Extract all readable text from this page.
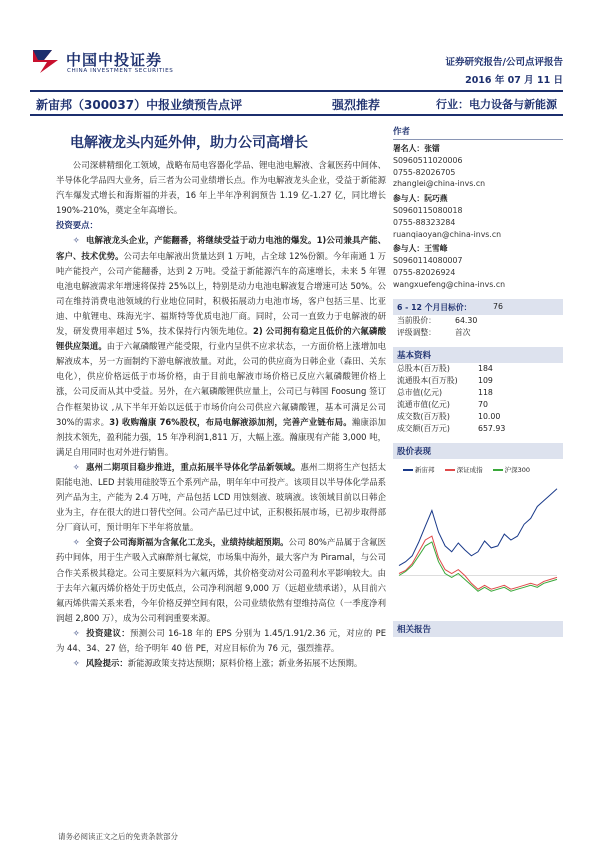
中国中投证券
CHINA INVESTMENT SECURITIES
证券研究报告/公司点评报告
2016 年 07 月 11 日
新宙邦（300037）中报业绩预告点评	强烈推荐	行业：电力设备与新能源
电解液龙头内延外伸，助力公司高增长

公司深耕精细化工领域，战略布局电容器化学品、锂电池电解液、含氟医药中间体、半导体化学品四大业务，后三者为公司业绩增长点。作为电解液龙头企业，受益于新能源汽车爆发式增长和海斯福的并表，16 年上半年净利润预告 1.19 亿-1.27 亿，同比增长 190%-210%，奠定全年高增长。

投资要点：

✧ 电解液龙头企业，产能翻番，将继续受益于动力电池的爆发。1)公司兼具产能、客户、技术优势。公司去年电解液出货量达到 1 万吨，占全球 12%份额。今年南通 1 万吨产能投产，公司产能翻番，达到 2 万吨。受益于新能源汽车的高速增长，未来 5 年锂电池电解液需求年增速将保持 25%以上，特别是动力电池电解液复合增速可达 50%。公司在维持消费电池领域的行业地位同时，积极拓展动力电池市场，客户包括三星、比亚迪、中航锂电、珠海光宇、福斯特等优质电池厂商。同时，公司一直致力于电解液的研发，研发费用率超过 5%，技术保持行内领先地位。2) 公司拥有稳定且低价的六氟磷酸锂供应渠道。由于六氟磷酸锂产能受限，行业内呈供不应求状态，一方面价格上涨增加电解液成本，另一方面制约下游电解液放量。对此，公司的供应商为日韩企业（森田、关东电化），供应价格远低于市场价格，由于目前电解液市场价格已反应六氟磷酸锂价格上涨，公司反而从其中受益。另外，在六氟磷酸锂供应量上，公司已与韩国 Foosung 签订合作框架协议 ,从下半年开始以远低于市场价向公司供应六氟磷酸锂，基本可满足公司 30%的需求。3) 收购瀚康 76%股权，布局电解液添加剂，完善产业链布局。瀚康添加剂技术领先，盈利能力强，15 年净利润1,811 万，大幅上涨。瀚康现有产能 3,000 吨，满足自用同时也对外进行销售。

✧ 惠州二期项目稳步推进，重点拓展半导体化学品新领域。惠州二期将生产包括太阳能电池、LED 封装用硅胶等五个系列产品，明年年中可投产。该项目以半导体化学品系列产品为主，产能为 2.4 万吨，产品包括 LCD 用蚀刻液、玻璃液。该领域目前以日韩企业为主，存在很大的进口替代空间。公司产品已过中试，正积极拓展市场，已初步取得部分厂商认可，预计明年下半年将放量。

✧ 全资子公司海斯福为含氟化工龙头，业绩持续超预期。公司 80%产品属于含氟医药中间体，用于生产吸入式麻醉剂七氟烷，市场集中海外，最大客户为 Piramal，与公司合作关系极其稳定。公司主要原料为六氟丙烯，其价格变动对公司盈利水平影响较大。由于去年六氟丙烯价格处于历史低点，公司净利润超 9,000 万（远超业绩承诺），从目前六氟丙烯供需关系来看，今年价格反弹空间有限，公司业绩依然有望维持高位（一季度净利润超 2,800 万），成为公司利润重要来源。

✧ 投资建议：预测公司 16-18 年的 EPS 分别为 1.45/1.91/2.36 元，对应的 PE 为 44、34、27 倍，给予明年 40 倍 PE，对应目标价为 76 元，强烈推荐。

✧ 风险提示：新能源政策支持达预期；原料价格上涨；新业务拓展不达预期。

作者
署名人：张镭
S0960511020006
0755-82026705
zhanglei@china-invs.cn
参与人：阮巧燕
S0960115080018
0755-88323284
ruanqiaoyan@china-invs.cn
参与人：王雪峰
S0960114080007
0755-82026924
wangxuefeng@china-invs.cn
6 - 12 个月目标价：	76
当前股价： 64.30
评级调整： 首次
基本资料
总股本(百万股)	184
流通股本(百万股)	109
总市值(亿元)	118
流通市值(亿元)	70
成交数(百万股)	10.00
成交额(百万元)	657.93
股价表现
新宙邦	深证成指	沪深300
相关报告
请务必阅读正文之后的免责条款部分
